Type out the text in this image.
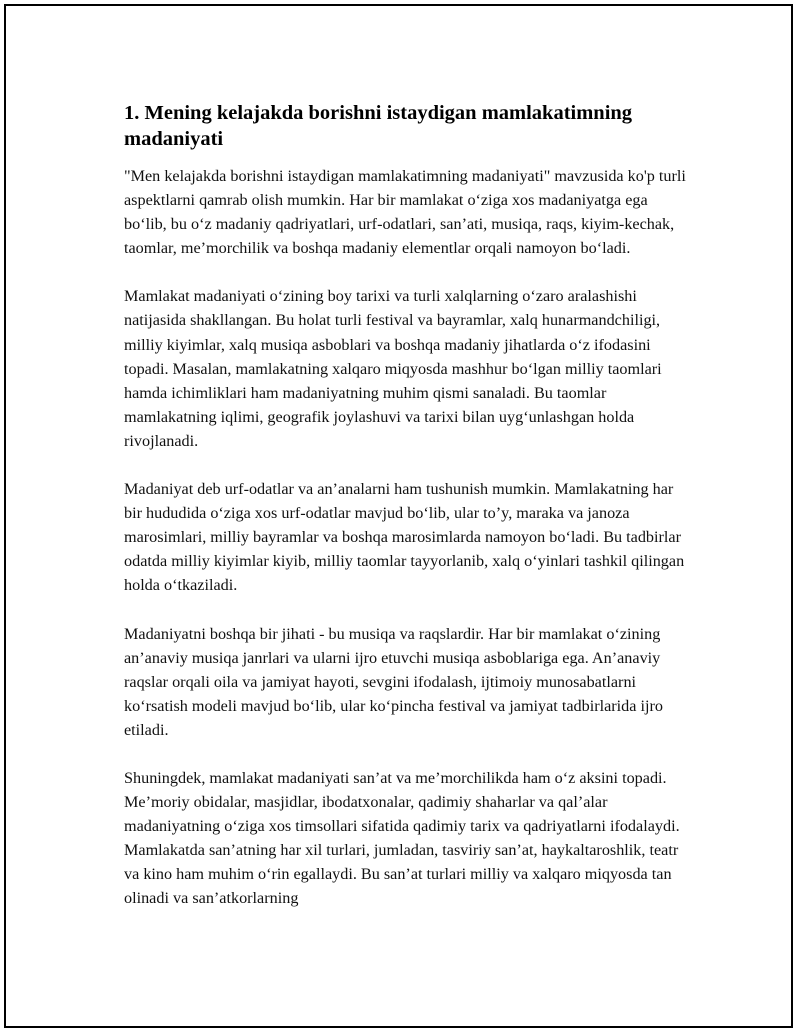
1. Mening kelajakda borishni istaydigan mamlakatimning madaniyati

"Men kelajakda borishni istaydigan mamlakatimning madaniyati" mavzusida ko'p turli aspektlarni qamrab olish mumkin. Har bir mamlakat o‘ziga xos madaniyatga ega bo‘lib, bu o‘z madaniy qadriyatlari, urf-odatlari, san’ati, musiqa, raqs, kiyim-kechak, taomlar, me’morchilik va boshqa madaniy elementlar orqali namoyon bo‘ladi.

Mamlakat madaniyati o‘zining boy tarixi va turli xalqlarning o‘zaro aralashishi natijasida shakllangan. Bu holat turli festival va bayramlar, xalq hunarmandchiligi, milliy kiyimlar, xalq musiqa asboblari va boshqa madaniy jihatlarda o‘z ifodasini topadi. Masalan, mamlakatning xalqaro miqyosda mashhur bo‘lgan milliy taomlari hamda ichimliklari ham madaniyatning muhim qismi sanaladi. Bu taomlar mamlakatning iqlimi, geografik joylashuvi va tarixi bilan uyg‘unlashgan holda rivojlanadi.

Madaniyat deb urf-odatlar va an’analarni ham tushunish mumkin. Mamlakatning har bir hududida o‘ziga xos urf-odatlar mavjud bo‘lib, ular to’y, maraka va janoza marosimlari, milliy bayramlar va boshqa marosimlarda namoyon bo‘ladi. Bu tadbirlar odatda milliy kiyimlar kiyib, milliy taomlar tayyorlanib, xalq o‘yinlari tashkil qilingan holda o‘tkaziladi.

Madaniyatni boshqa bir jihati - bu musiqa va raqslardir. Har bir mamlakat o‘zining an’anaviy musiqa janrlari va ularni ijro etuvchi musiqa asboblariga ega. An’anaviy raqslar orqali oila va jamiyat hayoti, sevgini ifodalash, ijtimoiy munosabatlarni ko‘rsatish modeli mavjud bo‘lib, ular ko‘pincha festival va jamiyat tadbirlarida ijro etiladi.

Shuningdek, mamlakat madaniyati san’at va me’morchilikda ham o‘z aksini topadi. Me’moriy obidalar, masjidlar, ibodatxonalar, qadimiy shaharlar va qal’alar madaniyatning o‘ziga xos timsollari sifatida qadimiy tarix va qadriyatlarni ifodalaydi. Mamlakatda san’atning har xil turlari, jumladan, tasviriy san’at, haykaltaroshlik, teatr va kino ham muhim o‘rin egallaydi. Bu san’at turlari milliy va xalqaro miqyosda tan olinadi va san’atkorlarning
